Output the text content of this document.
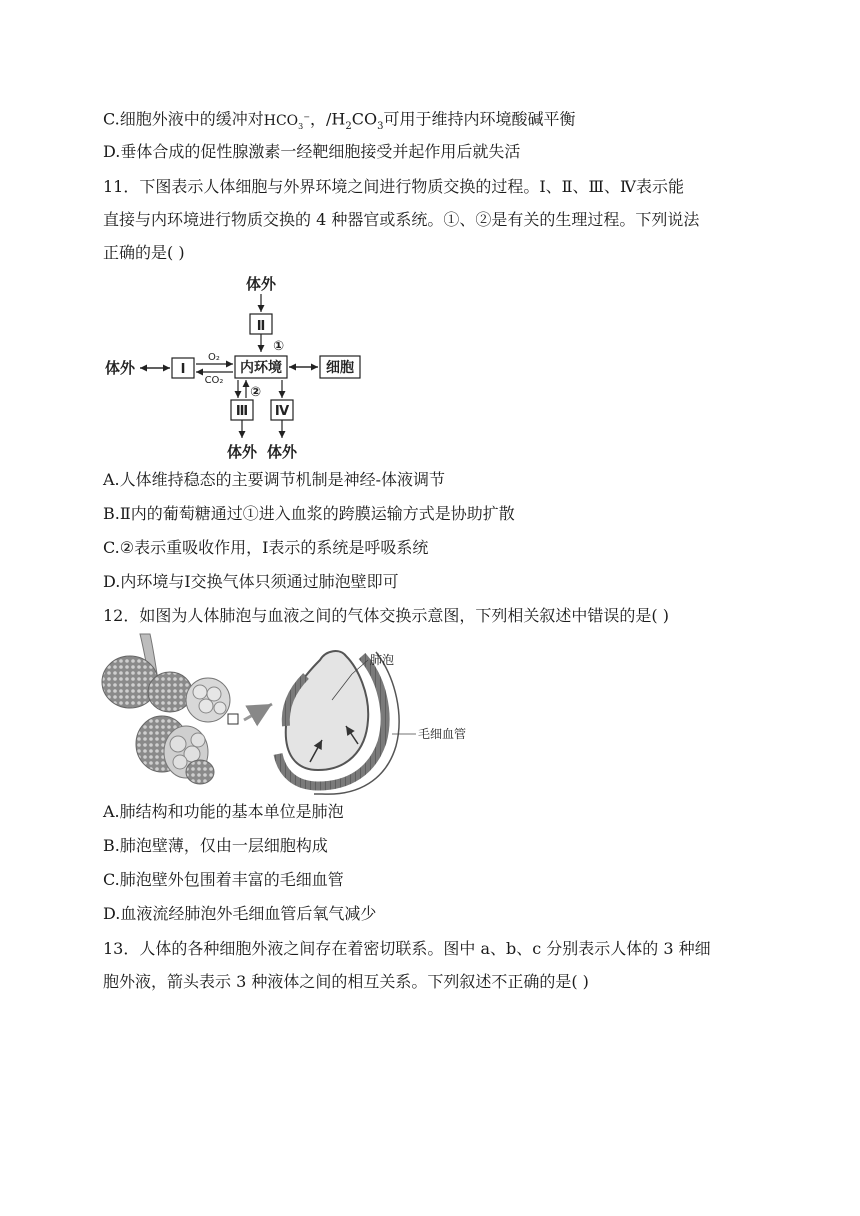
C.细胞外液中的缓冲对$HCO_3^-$，$/H_2CO_3$可用于维持内环境酸碱平衡
D.垂体合成的促性腺激素一经靶细胞接受并起作用后就失活
11．下图表示人体细胞与外界环境之间进行物质交换的过程。Ⅰ、Ⅱ、Ⅲ、Ⅳ表示能
直接与内环境进行物质交换的 4 种器官或系统。①、②是有关的生理过程。下列说法
正确的是( )
体外
Ⅱ
①
体外	Ⅰ	内环境	细胞
②
Ⅲ Ⅳ
体外 体外
O₂
CO₂
A.人体维持稳态的主要调节机制是神经-体液调节
B.Ⅱ内的葡萄糖通过①进入血浆的跨膜运输方式是协助扩散
C.②表示重吸收作用，Ⅰ表示的系统是呼吸系统
D.内环境与Ⅰ交换气体只须通过肺泡壁即可
12．如图为人体肺泡与血液之间的气体交换示意图，下列相关叙述中错误的是( )
肺泡
毛细血管
A.肺结构和功能的基本单位是肺泡
B.肺泡壁薄，仅由一层细胞构成
C.肺泡壁外包围着丰富的毛细血管
D.血液流经肺泡外毛细血管后氧气减少
13．人体的各种细胞外液之间存在着密切联系。图中 a、b、c 分别表示人体的 3 种细
胞外液，箭头表示 3 种液体之间的相互关系。下列叙述不正确的是( )
